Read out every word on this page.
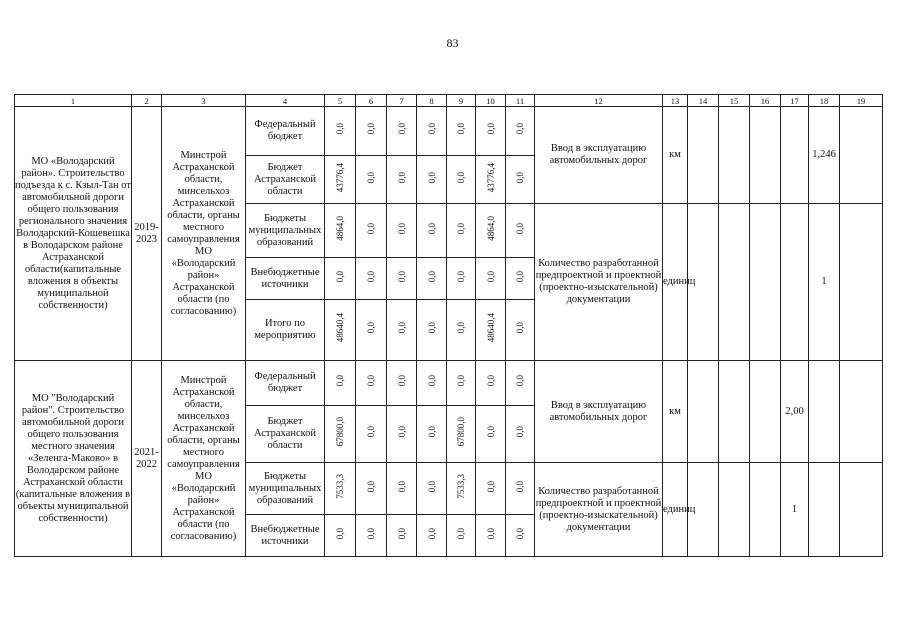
83
1	2	3	4	5	6	7	8	9	10	11	12	13	14	15	16	17	18	19
МО «Володарский район». Строительство подъезда к с. Кзыл-Тан от автомобильной дороги общего пользования регионального значения Володарский-Кошевешка в Володарском районе Астраханской области(капитальные вложения в объекты муниципальной собственности)	2019-2023	Минстрой Астраханской области, минсельхоз Астраханской области, органы местного самоуправления МО «Володарский район» Астраханской области (по согласованию)	Федеральный бюджет	0,0	0,0	0,0	0,0	0,0	0,0	0,0	Ввод в эксплуатацию автомобильных дорог	км					1,246	
			Бюджет Астраханской области	43776,4	0,0	0,0	0,0	0,0	43776,4	0,0								
			Бюджеты муниципальных образований	4864,0	0,0	0,0	0,0	0,0	4864,0	0,0	Количество разработанной предпроектной и проектной (проектно-изыскательной) документации	единиц					1	
			Внебюджетные источники	0,0	0,0	0,0	0,0	0,0	0,0	0,0								
			Итого по мероприятию	48640,4	0,0	0,0	0,0	0,0	48640,4	0,0								
МО "Володарский район". Строительство автомобильной дороги общего пользования местного значения «Зеленга-Маково» в Володарском районе Астраханской области (капитальные вложения в объекты муниципальной собственности)	2021-2022	Минстрой Астраханской области, минсельхоз Астраханской области, органы местного самоуправления МО «Володарский район» Астраханской области (по согласованию)	Федеральный бюджет	0,0	0,0	0,0	0,0	0,0	0,0	0,0	Ввод в эксплуатацию автомобильных дорог	км				2,00		
			Бюджет Астраханской области	67800,0	0,0	0,0	0,0	67800,0	0,0	0,0								
			Бюджеты муниципальных образований	7533,3	0,0	0,0	0,0	7533,3	0,0	0,0	Количество разработанной предпроектной и проектной (проектно-изыскательной) документации	единиц				1		
			Внебюджетные источники	0,0	0,0	0,0	0,0	0,0	0,0	0,0								
